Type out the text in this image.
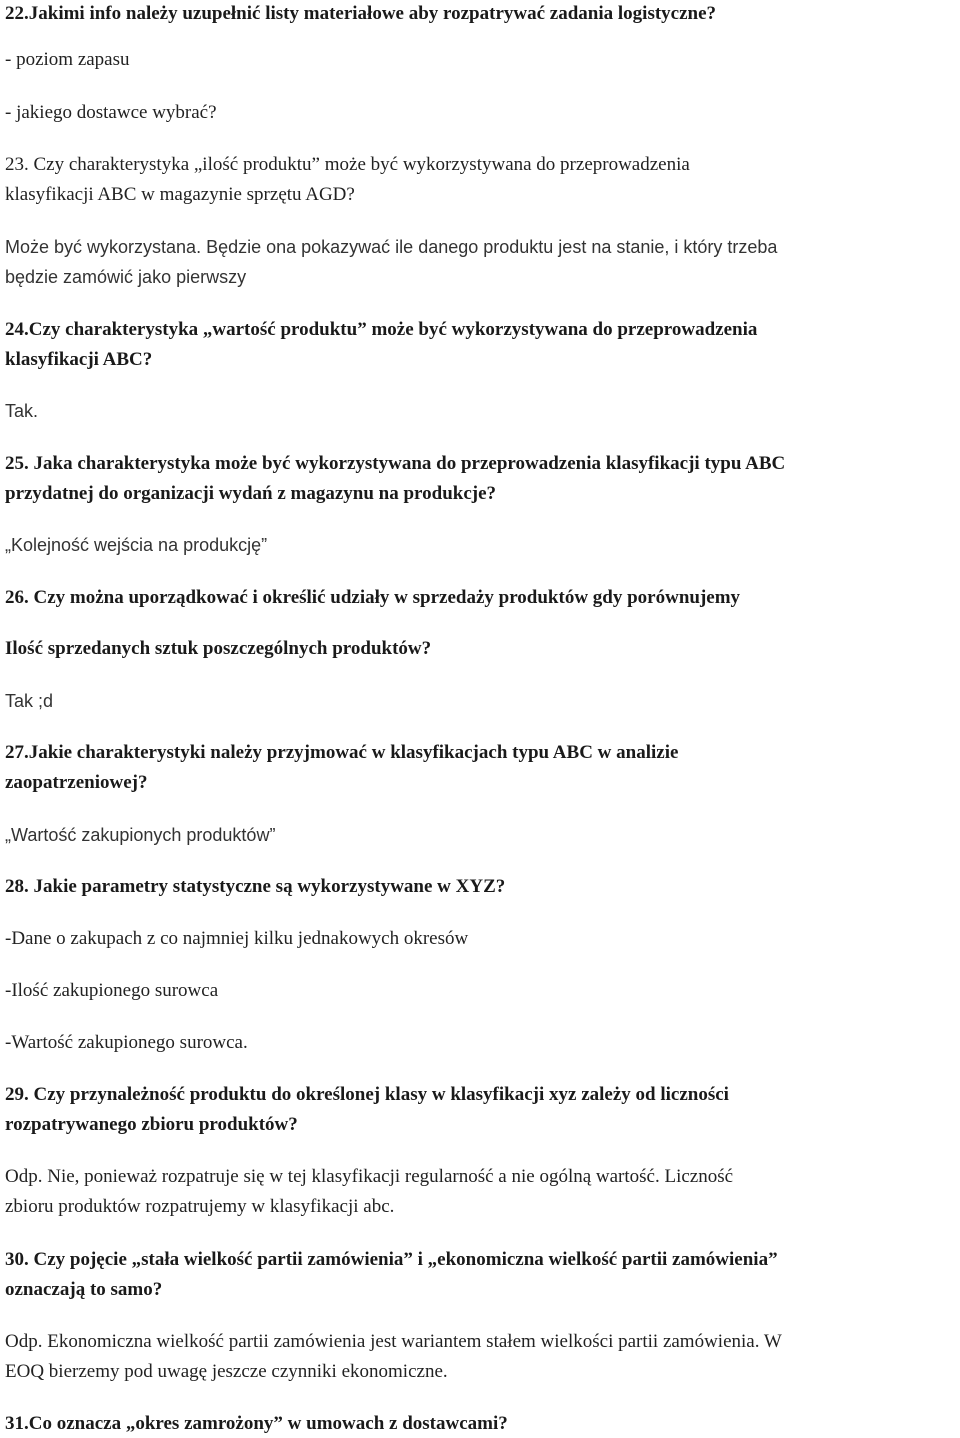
22.Jakimi info należy uzupełnić listy materiałowe aby rozpatrywać zadania logistyczne?
- poziom zapasu
- jakiego dostawce wybrać?
23. Czy charakterystyka „ilość produktu” może być wykorzystywana do przeprowadzenia
klasyfikacji ABC w magazynie sprzętu AGD?
Może być wykorzystana. Będzie ona pokazywać ile danego produktu jest na stanie, i który trzeba
będzie zamówić jako pierwszy
24.Czy charakterystyka „wartość produktu” może być wykorzystywana do przeprowadzenia
klasyfikacji ABC?
Tak.
25. Jaka charakterystyka może być wykorzystywana do przeprowadzenia klasyfikacji typu ABC
przydatnej do organizacji wydań z magazynu na produkcje?
„Kolejność wejścia na produkcję”
26. Czy można uporządkować i określić udziały w sprzedaży produktów gdy porównujemy
Ilość sprzedanych sztuk poszczególnych produktów?
Tak ;d
27.Jakie charakterystyki należy przyjmować w klasyfikacjach typu ABC w analizie
zaopatrzeniowej?
„Wartość zakupionych produktów”
28. Jakie parametry statystyczne są wykorzystywane w XYZ?
-Dane o zakupach z co najmniej kilku jednakowych okresów
-Ilość zakupionego surowca
-Wartość zakupionego surowca.
29. Czy przynależność produktu do określonej klasy w klasyfikacji xyz zależy od liczności
rozpatrywanego zbioru produktów?
Odp. Nie, ponieważ rozpatruje się w tej klasyfikacji regularność a nie ogólną wartość. Liczność
zbioru produktów rozpatrujemy w klasyfikacji abc.
30. Czy pojęcie „stała wielkość partii zamówienia” i „ekonomiczna wielkość partii zamówienia”
oznaczają to samo?
Odp. Ekonomiczna wielkość partii zamówienia jest wariantem stałem wielkości partii zamówienia. W
EOQ bierzemy pod uwagę jeszcze czynniki ekonomiczne.
31.Co oznacza „okres zamrożony” w umowach z dostawcami?
